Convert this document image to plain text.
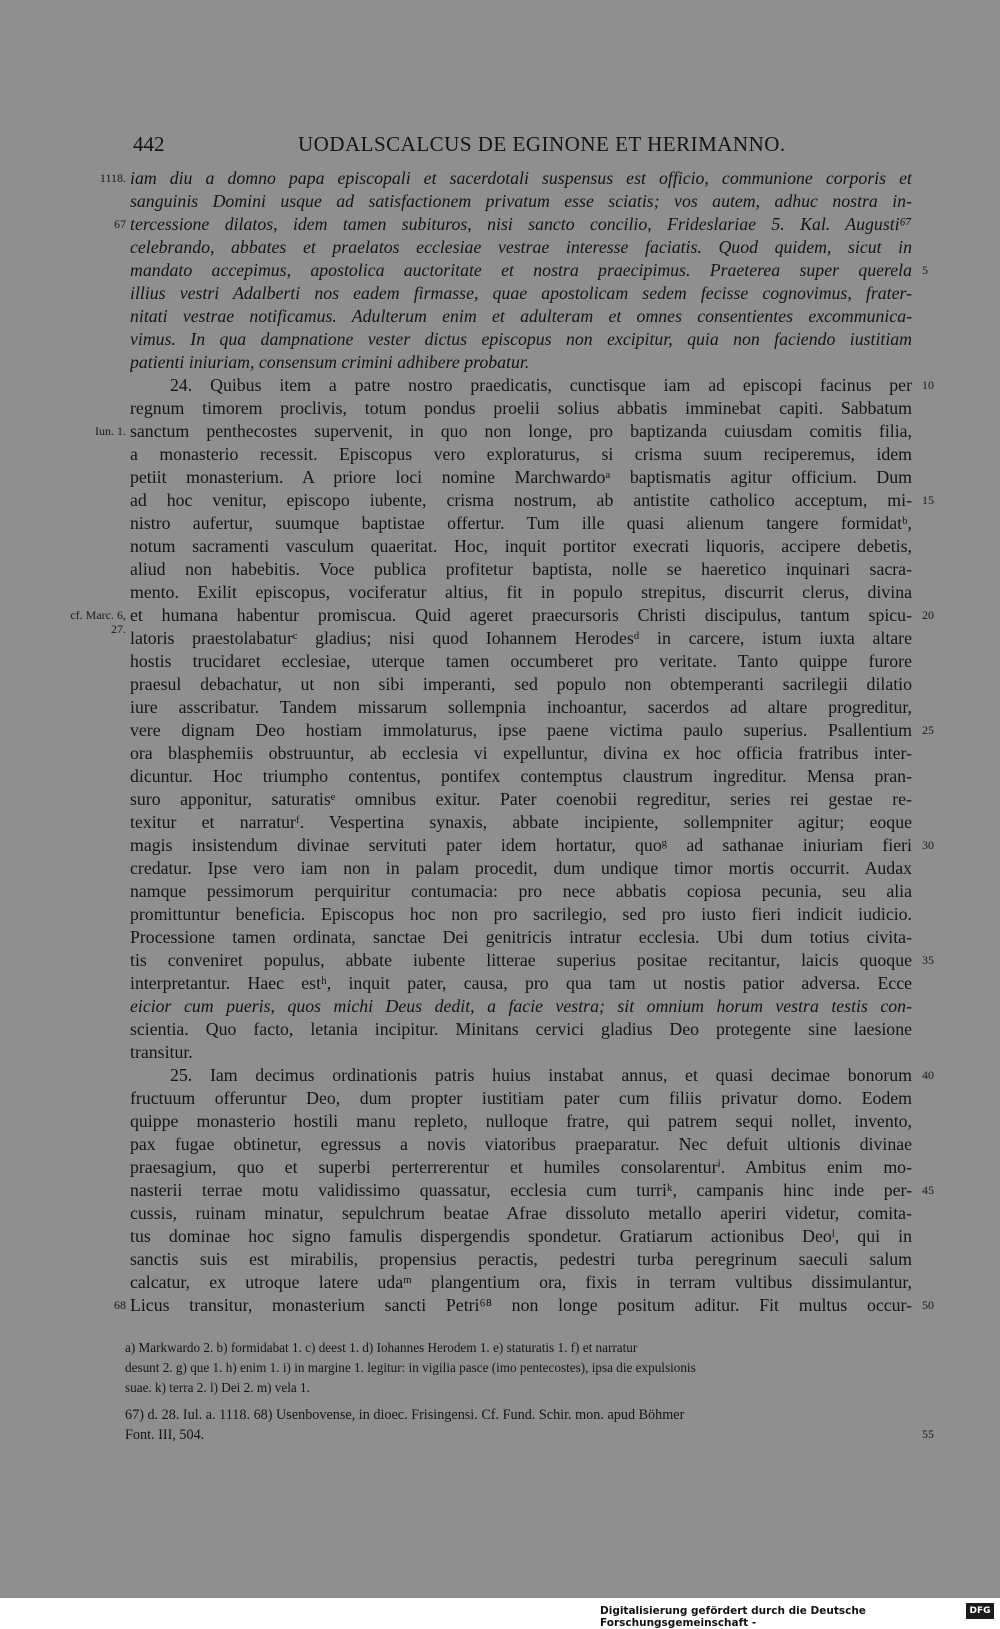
442	UODALSCALCUS DE EGINONE ET HERIMANNO.
iam diu a domno papa episcopali et sacerdotali suspensus est officio, communione corporis et
1118.
sanguinis Domini usque ad satisfactionem privatum esse sciatis; vos autem, adhuc nostra in-
tercessione dilatos, idem tamen subituros, nisi sancto concilio, Frideslariae 5. Kal. Augusti⁶⁷
67
celebrando, abbates et praelatos ecclesiae vestrae interesse faciatis. Quod quidem, sicut in
mandato accepimus, apostolica auctoritate et nostra praecipimus. Praeterea super querela 5
illius vestri Adalberti nos eadem firmasse, quae apostolicam sedem fecisse cognovimus, frater-
nitati vestrae notificamus. Adulterum enim et adulteram et omnes consentientes excommunica-
vimus. In qua dampnatione vester dictus episcopus non excipitur, quia non faciendo iustitiam
patienti iniuriam, consensum crimini adhibere probatur.
24. Quibus item a patre nostro praedicatis, cunctisque iam ad episcopi facinus per 10
regnum timorem proclivis, totum pondus proelii solius abbatis imminebat capiti. Sabbatum
sanctum penthecostes supervenit, in quo non longe, pro baptizanda cuiusdam comitis filia,
Iun. 1.
a monasterio recessit. Episcopus vero exploraturus, si crisma suum reciperemus, idem
petiit monasterium. A priore loci nomine Marchwardoᵃ baptismatis agitur officium. Dum
ad hoc venitur, episcopo iubente, crisma nostrum, ab antistite catholico acceptum, mi- 15
nistro aufertur, suumque baptistae offertur. Tum ille quasi alienum tangere formidatᵇ,
notum sacramenti vasculum quaeritat. Hoc, inquit portitor execrati liquoris, accipere debetis,
aliud non habebitis. Voce publica profitetur baptista, nolle se haeretico inquinari sacra-
mento. Exilit episcopus, vociferatur altius, fit in populo strepitus, discurrit clerus, divina
et humana habentur promiscua. Quid ageret praecursoris Christi discipulus, tantum spicu-
cf. Marc. 6, 27.
20
latoris praestolabaturᶜ gladius; nisi quod Iohannem Herodesᵈ in carcere, istum iuxta altare
hostis trucidaret ecclesiae, uterque tamen occumberet pro veritate. Tanto quippe furore
praesul debachatur, ut non sibi imperanti, sed populo non obtemperanti sacrilegii dilatio
iure asscribatur. Tandem missarum sollempnia inchoantur, sacerdos ad altare progreditur,
vere dignam Deo hostiam immolaturus, ipse paene victima paulo superius. Psallentium 25
ora blasphemiis obstruuntur, ab ecclesia vi expelluntur, divina ex hoc officia fratribus inter-
dicuntur. Hoc triumpho contentus, pontifex contemptus claustrum ingreditur. Mensa pran-
suro apponitur, saturatisᵉ omnibus exitur. Pater coenobii regreditur, series rei gestae re-
texitur et narraturᶠ. Vespertina synaxis, abbate incipiente, sollempniter agitur; eoque
magis insistendum divinae servituti pater idem hortatur, quoᵍ ad sathanae iniuriam fieri 30
credatur. Ipse vero iam non in palam procedit, dum undique timor mortis occurrit. Audax
namque pessimorum perquiritur contumacia: pro nece abbatis copiosa pecunia, seu alia
promittuntur beneficia. Episcopus hoc non pro sacrilegio, sed pro iusto fieri indicit iudicio.
Processione tamen ordinata, sanctae Dei genitricis intratur ecclesia. Ubi dum totius civita-
tis conveniret populus, abbate iubente litterae superius positae recitantur, laicis quoque 35
interpretantur. Haec estʰ, inquit pater, causa, pro qua tam ut nostis patior adversa. Ecce
eicior cum pueris, quos michi Deus dedit, a facie vestra; sit omnium horum vestra testis con-
scientia. Quo facto, letania incipitur. Minitans cervici gladius Deo protegente sine laesione
transitur.
25. Iam decimus ordinationis patris huius instabat annus, et quasi decimae bonorum 40
fructuum offeruntur Deo, dum propter iustitiam pater cum filiis privatur domo. Eodem
quippe monasterio hostili manu repleto, nulloque fratre, qui patrem sequi nollet, invento,
pax fugae obtinetur, egressus a novis viatoribus praeparatur. Nec defuit ultionis divinae
praesagium, quo et superbi perterrerentur et humiles consolarenturⁱ. Ambitus enim mo-
nasterii terrae motu validissimo quassatur, ecclesia cum turriᵏ, campanis hinc inde per- 45
cussis, ruinam minatur, sepulchrum beatae Afrae dissoluto metallo aperiri videtur, comita-
tus dominae hoc signo famulis dispergendis spondetur. Gratiarum actionibus Deoˡ, qui in
sanctis suis est mirabilis, propensius peractis, pedestri turba peregrinum saeculi salum
calcatur, ex utroque latere udaᵐ plangentium ora, fixis in terram vultibus dissimulantur,
Licus transitur, monasterium sancti Petri⁶⁸ non longe positum aditur. Fit multus occur-
68	50
a) Markwardo 2. b) formidabat 1. c) deest 1. d) Iohannes Herodem 1. e) staturatis 1. f) et narratur
desunt 2. g) que 1. h) enim 1. i) in margine 1. legitur: in vigilia pasce (imo pentecostes), ipsa die expulsionis
suae. k) terra 2. l) Dei 2. m) vela 1.
67) d. 28. Iul. a. 1118. 68) Usenbovense, in dioec. Frisingensi. Cf. Fund. Schir. mon. apud Böhmer
Font. III, 504.	55
Digitalisierung gefördert durch die Deutsche Forschungsgemeinschaft -
DFG
